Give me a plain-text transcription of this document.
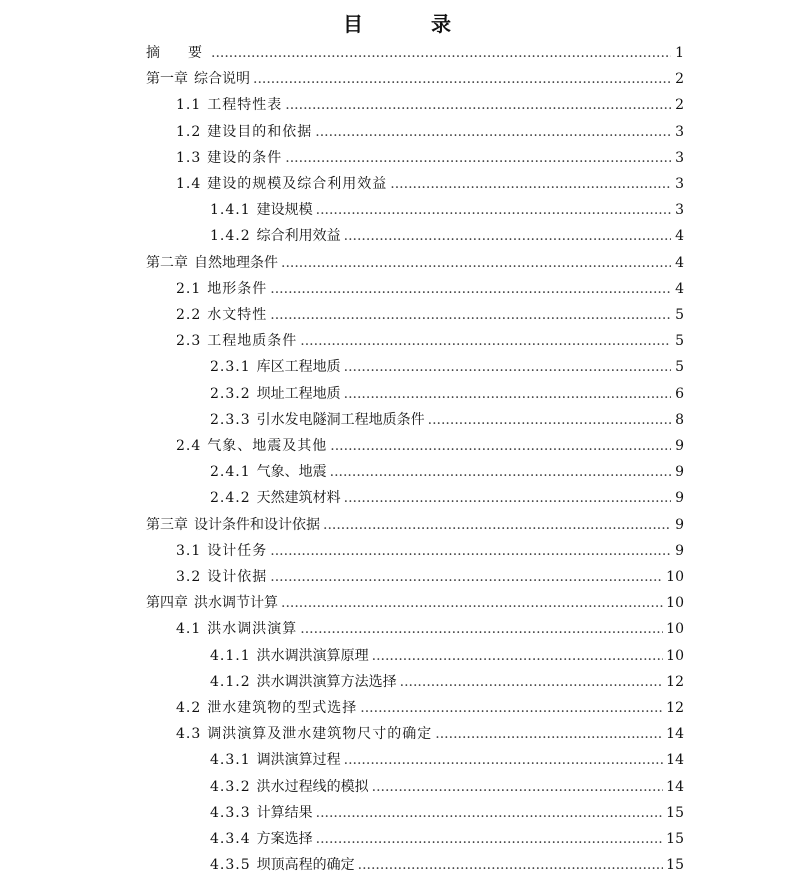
目　录
摘　　要 .....	1
第一章 综合说明 .....	2
1.1 工程特性表 .....	2
1.2 建设目的和依据 .....	3
1.3 建设的条件 .....	3
1.4 建设的规模及综合利用效益 .....	3
1.4.1 建设规模 .....	3
1.4.2 综合利用效益 .....	4
第二章 自然地理条件 .....	4
2.1 地形条件 .....	4
2.2 水文特性 .....	5
2.3 工程地质条件 .....	5
2.3.1 库区工程地质 .....	5
2.3.2 坝址工程地质 .....	6
2.3.3 引水发电隧洞工程地质条件 .....	8
2.4 气象、地震及其他 .....	9
2.4.1 气象、地震 .....	9
2.4.2 天然建筑材料 .....	9
第三章 设计条件和设计依据 .....	9
3.1 设计任务 .....	9
3.2 设计依据 .....	10
第四章 洪水调节计算 .....	10
4.1 洪水调洪演算 .....	10
4.1.1 洪水调洪演算原理 .....	10
4.1.2 洪水调洪演算方法选择 .....	12
4.2 泄水建筑物的型式选择 .....	12
4.3 调洪演算及泄水建筑物尺寸的确定 .....	14
4.3.1 调洪演算过程 .....	14
4.3.2 洪水过程线的模拟 .....	14
4.3.3 计算结果 .....	15
4.3.4 方案选择 .....	15
4.3.5 坝顶高程的确定 .....	15
